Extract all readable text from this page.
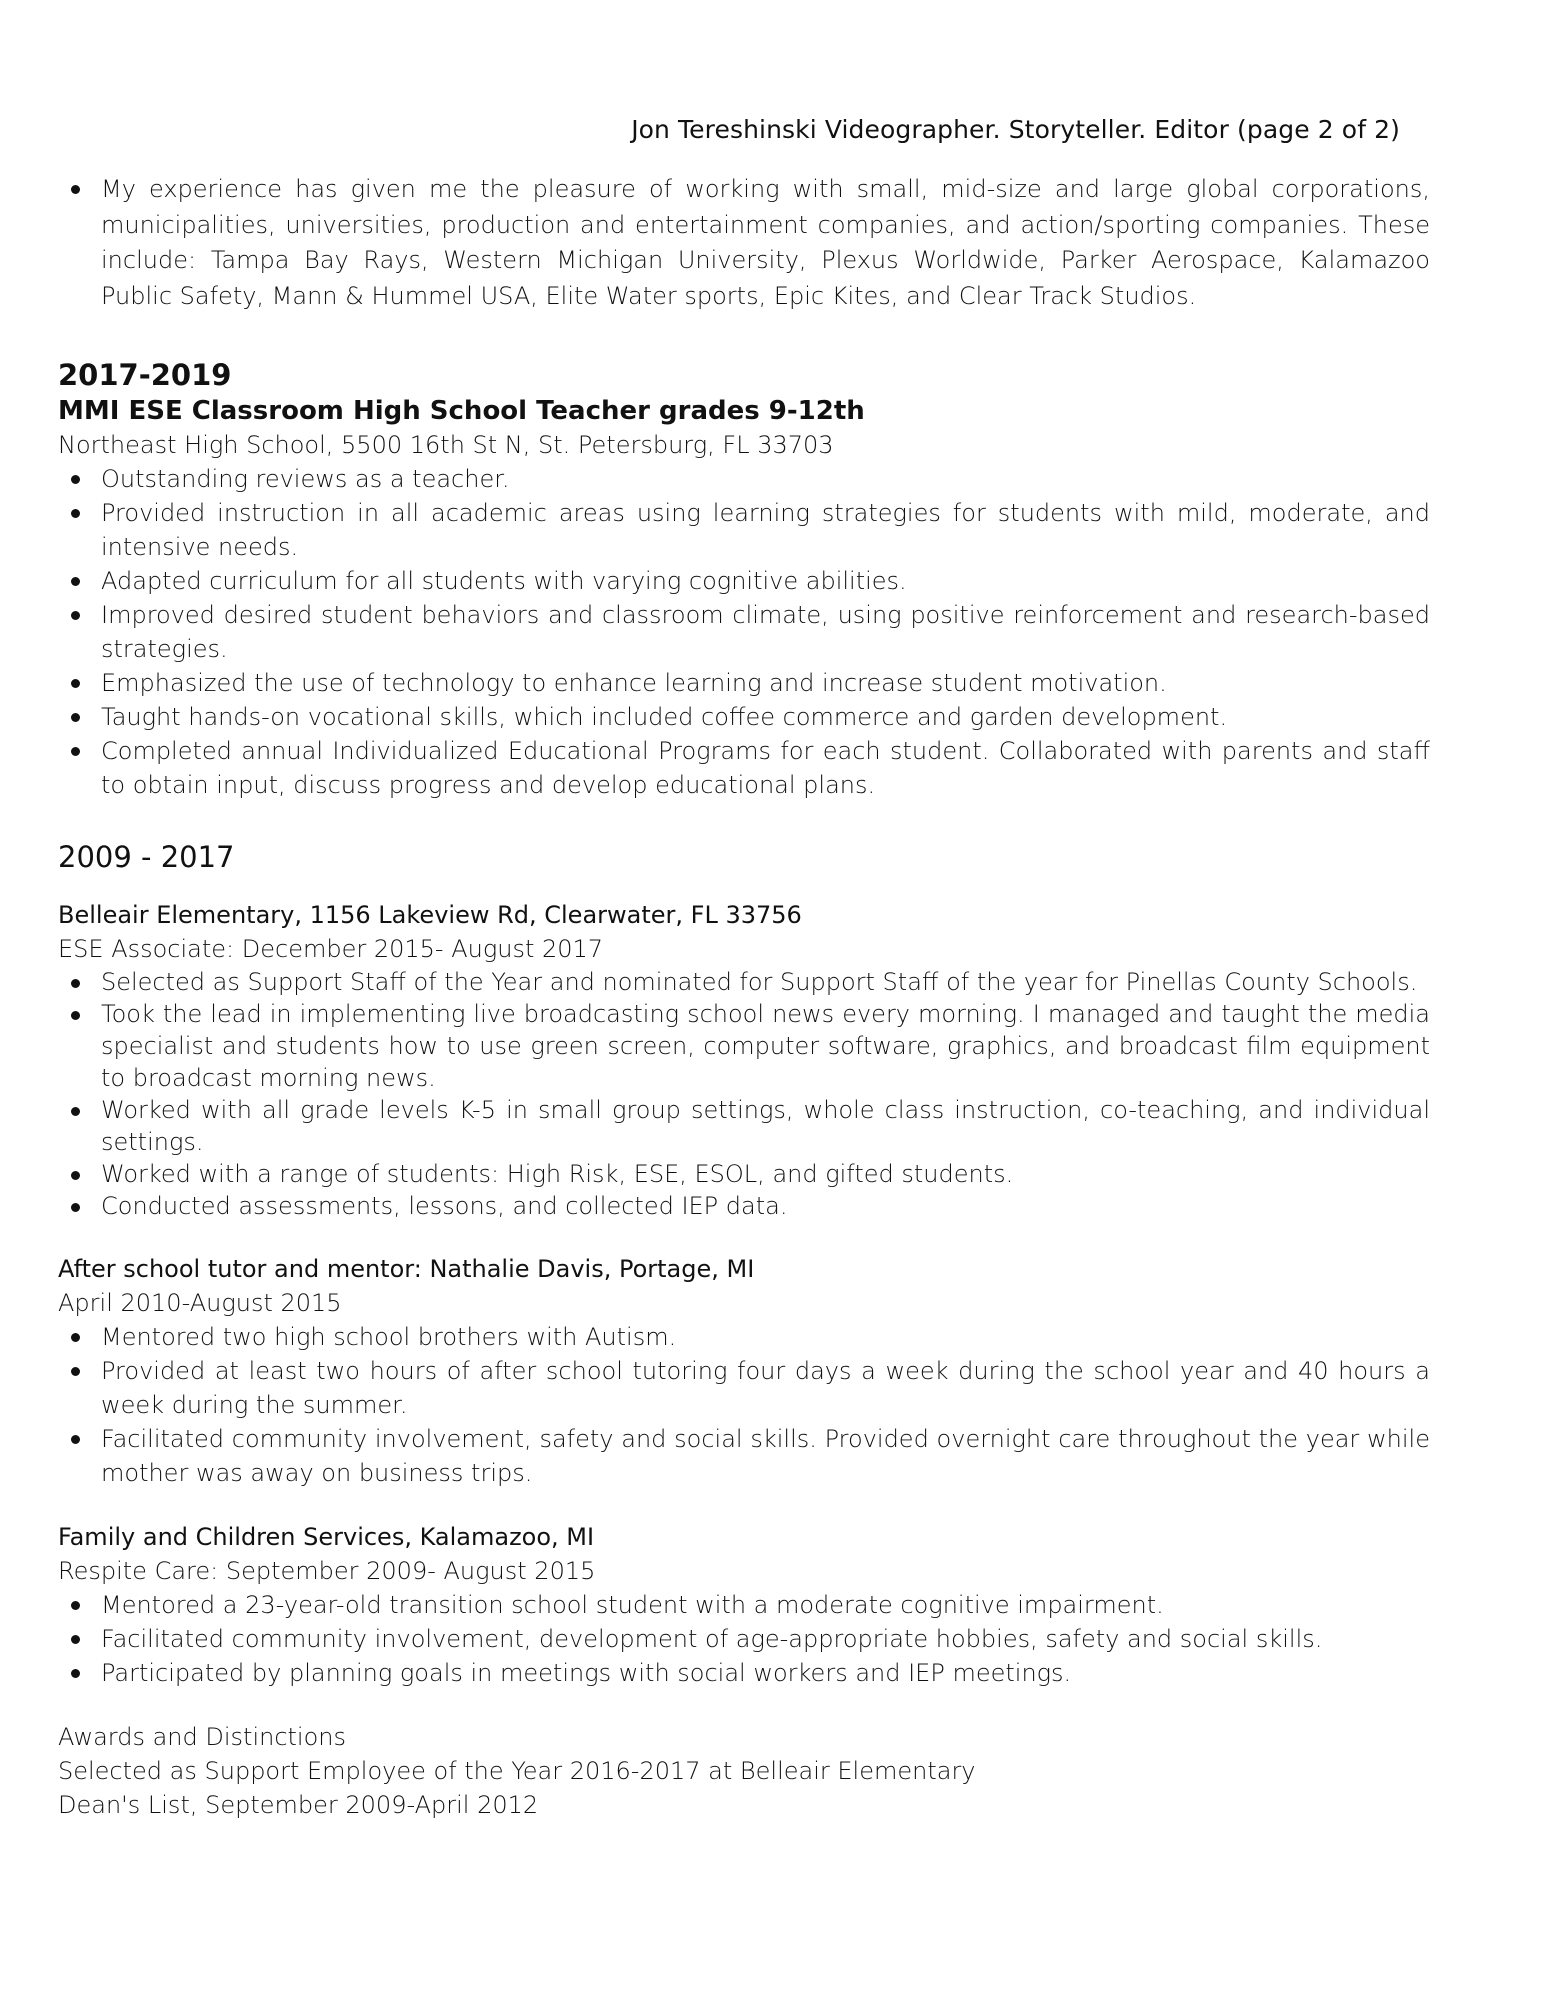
Jon Tereshinski Videographer. Storyteller. Editor (page 2 of 2)
My experience has given me the pleasure of working with small, mid-size and large global corporations, municipalities, universities, production and entertainment companies, and action/sporting companies. These include: Tampa Bay Rays, Western Michigan University, Plexus Worldwide, Parker Aerospace, Kalamazoo Public Safety, Mann & Hummel USA, Elite Water sports, Epic Kites, and Clear Track Studios.
2017-2019
MMI ESE Classroom High School Teacher grades 9-12th

Northeast High School, 5500 16th St N, St. Petersburg, FL 33703

Outstanding reviews as a teacher.
Provided instruction in all academic areas using learning strategies for students with mild, moderate, and intensive needs.
Adapted curriculum for all students with varying cognitive abilities.
Improved desired student behaviors and classroom climate, using positive reinforcement and research-based strategies.
Emphasized the use of technology to enhance learning and increase student motivation.
Taught hands-on vocational skills, which included coffee commerce and garden development.
Completed annual Individualized Educational Programs for each student. Collaborated with parents and staff to obtain input, discuss progress and develop educational plans.
2009 - 2017

Belleair Elementary, 1156 Lakeview Rd, Clearwater, FL 33756

ESE Associate: December 2015- August 2017

Selected as Support Staff of the Year and nominated for Support Staff of the year for Pinellas County Schools.
Took the lead in implementing live broadcasting school news every morning. I managed and taught the media specialist and students how to use green screen, computer software, graphics, and broadcast film equipment to broadcast morning news.
Worked with all grade levels K-5 in small group settings, whole class instruction, co-teaching, and individual settings.
Worked with a range of students: High Risk, ESE, ESOL, and gifted students.
Conducted assessments, lessons, and collected IEP data.

After school tutor and mentor: Nathalie Davis, Portage, MI

April 2010-August 2015

Mentored two high school brothers with Autism.
Provided at least two hours of after school tutoring four days a week during the school year and 40 hours a week during the summer.
Facilitated community involvement, safety and social skills. Provided overnight care throughout the year while mother was away on business trips.

Family and Children Services, Kalamazoo, MI

Respite Care: September 2009- August 2015

Mentored a 23-year-old transition school student with a moderate cognitive impairment.
Facilitated community involvement, development of age-appropriate hobbies, safety and social skills.
Participated by planning goals in meetings with social workers and IEP meetings.

Awards and Distinctions

Selected as Support Employee of the Year 2016-2017 at Belleair Elementary

Dean's List, September 2009-April 2012
